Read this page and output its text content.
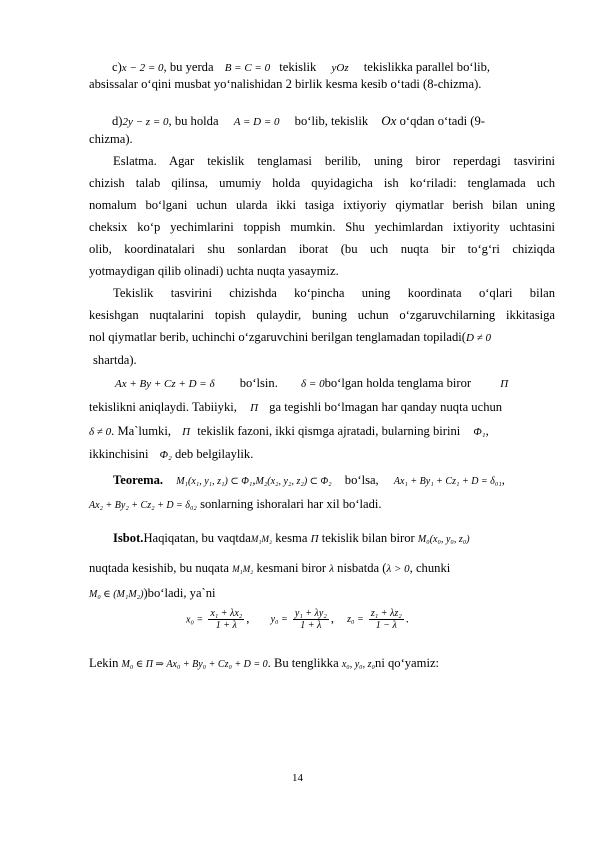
c)x − 2 = 0, bu yerda B = C = 0 tekislik yOz tekislikka parallel bo‘lib,
absissalar o‘qini musbat yo‘nalishidan 2 birlik kesma kesib o‘tadi (8-chizma).
d)2y − z = 0, bu holda A = D = 0 bo‘lib, tekislik Ox o‘qdan o‘tadi (9-
chizma).
Eslatma. Agar tekislik tenglamasi berilib, uning biror reperdagi tasvirini
chizish talab qilinsa, umumiy holda quyidagicha ish ko‘riladi: tenglamada uch
nomalum bo‘lgani uchun ularda ikki tasiga ixtiyoriy qiymatlar berish bilan uning
cheksix ko‘p yechimlarini toppish mumkin. Shu yechimlardan ixtiyority uchtasini
olib, koordinatalari shu sonlardan iborat (bu uch nuqta bir to‘g‘ri chiziqda
yotmaydigan qilib olinadi) uchta nuqta yasaymiz.
Tekislik tasvirini chizishda ko‘pincha uning koordinata o‘qlari bilan
kesishgan nuqtalarini topish qulaydir, buning uchun o‘zgaruvchilarning ikkitasiga
nol qiymatlar berib, uchinchi o‘zgaruvchini berilgan tenglamadan topiladi(D ≠ 0
shartda).
Ax + By + Cz + D = δ bo‘lsin. δ = 0bo‘lgan holda tenglama biror	Π
tekislikni aniqlaydi. Tabiiyki, Π ga tegishli bo‘lmagan har qanday nuqta uchun
δ ≠ 0. Ma`lumki, Π tekislik fazoni, ikki qismga ajratadi, bularning birini Φ₁,
ikkinchisini Φ₂ deb belgilaylik.
Teorema. M₁(x₁, y₁, z₁) ⊂ Φ₁,M₂(x₂, y₂, z₂) ⊂ Φ₂ bo‘lsa, Ax₁ + By₁ + Cz₁ + D = δ₀₁,
Ax₂ + By₂ + Cz₂ + D = δ₀₂ sonlarning ishoralari har xil bo‘ladi.
Isbot.Haqiqatan, bu vaqtdaM₁M₂ kesma Π tekislik bilan biror M₀(x₀, y₀, z₀)
nuqtada kesishib, bu nuqata M₁M₂ kesmani biror λ nisbatda (λ > 0, chunki
M₀ ∈ (M₁M₂))bo‘ladi, ya`ni
$x_0 = \frac{\text{x₁ + λx₂}}{1 + \lambda}$ , $y_0 = \frac{\text{y₁ + λy₂}}{1 + \lambda}$ , $z_0 = \frac{\text{z₁ + λz₂}}{1 - \lambda}$ .
Lekin M₀ ∈ Π ⇒ Ax₀ + By₀ + Cz₀ + D = 0. Bu tenglikka x₀, y₀, z₀ni qo‘yamiz:
14
